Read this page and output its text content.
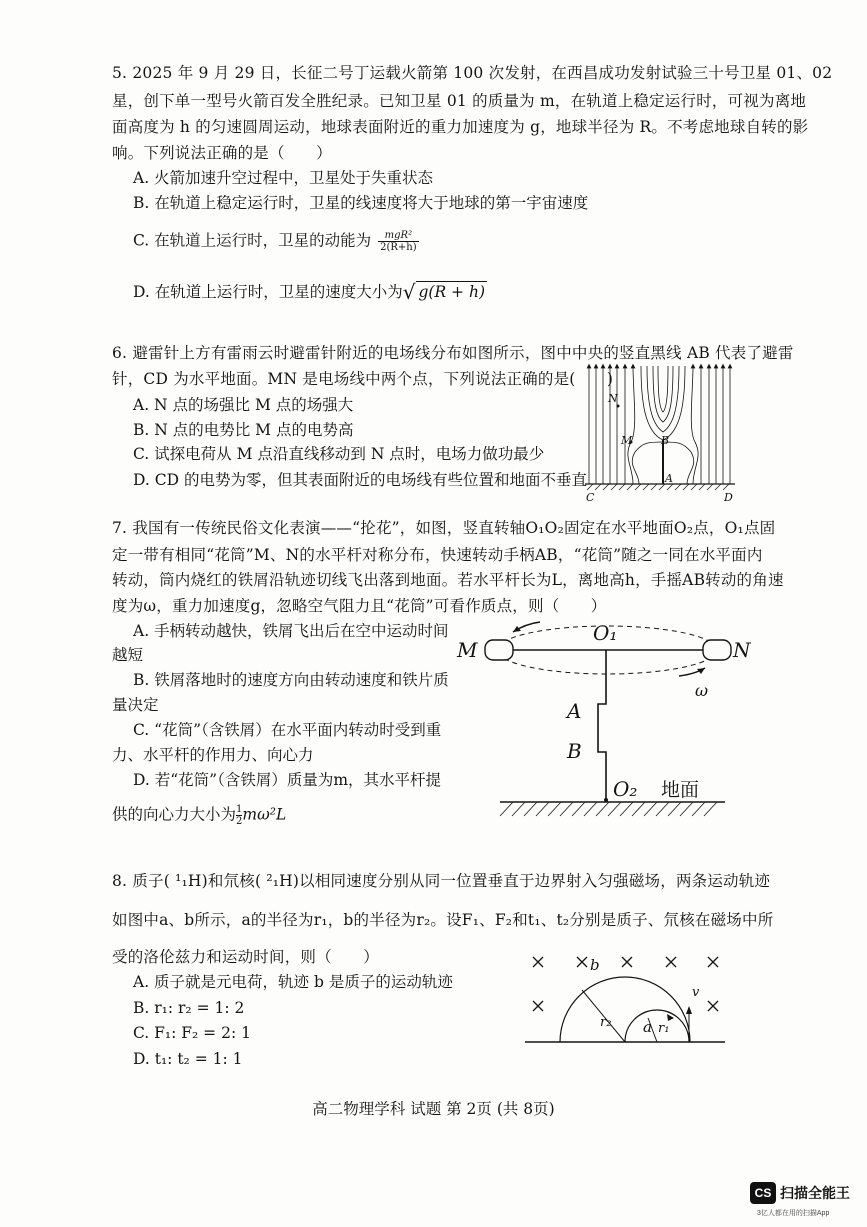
5. 2025 年 9 月 29 日，长征二号丁运载火箭第 100 次发射，在西昌成功发射试验三十号卫星 01、02
星，创下单一型号火箭百发全胜纪录。已知卫星 01 的质量为 m，在轨道上稳定运行时，可视为离地
面高度为 h 的匀速圆周运动，地球表面附近的重力加速度为 g，地球半径为 R。不考虑地球自转的影
响。下列说法正确的是（　　）
A. 火箭加速升空过程中，卫星处于失重状态
B. 在轨道上稳定运行时，卫星的线速度将大于地球的第一宇宙速度
C. 在轨道上运行时，卫星的动能为 $\frac{\text{mgR²}}{2(R+h)}$
D. 在轨道上运行时，卫星的速度大小为√ g(R + h)
6. 避雷针上方有雷雨云时避雷针附近的电场线分布如图所示，图中中央的竖直黑线 AB 代表了避雷
针，CD 为水平地面。MN 是电场线中两个点，下列说法正确的是(　　)
A. N 点的场强比 M 点的场强大
B. N 点的电势比 M 点的电势高
C. 试探电荷从 M 点沿直线移动到 N 点时，电场力做功最少
D. CD 的电势为零，但其表面附近的电场线有些位置和地面不垂直
N
M	B
A
C	D
7. 我国有一传统民俗文化表演——“抡花”，如图，竖直转轴O₁O₂固定在水平地面O₂点，O₁点固
定一带有相同“花筒”M、N的水平杆对称分布，快速转动手柄AB，“花筒”随之一同在水平面内
转动，筒内烧红的铁屑沿轨迹切线飞出落到地面。若水平杆长为L，离地高h，手摇AB转动的角速
度为ω，重力加速度g，忽略空气阻力且“花筒”可看作质点，则（　　）
A. 手柄转动越快，铁屑飞出后在空中运动时间
越短
B. 铁屑落地时的速度方向由转动速度和铁片质
量决定
C. “花筒”（含铁屑）在水平面内转动时受到重
力、水平杆的作用力、向心力
D. 若“花筒”（含铁屑）质量为m，其水平杆提
供的向心力大小为 $\frac{1}{2}m\omega^2L$
M	N
O₁
A
B
O₂
ω
地面
8. 质子( ¹₁H)和氘核( ²₁H)以相同速度分别从同一位置垂直于边界射入匀强磁场，两条运动轨迹
如图中a、b所示，a的半径为r₁，b的半径为r₂。设F₁、F₂和t₁、t₂分别是质子、氘核在磁场中所
受的洛伦兹力和运动时间，则（　　）
A. 质子就是元电荷，轨迹 b 是质子的运动轨迹
B. r₁: r₂ = 1: 2
C. F₁: F₂ = 2: 1
D. t₁: t₂ = 1: 1
b
a
r₂	r₁
v
高二物理学科 试题 第 2页 (共 8页)
CS 扫描全能王
3亿人都在用的扫描App
